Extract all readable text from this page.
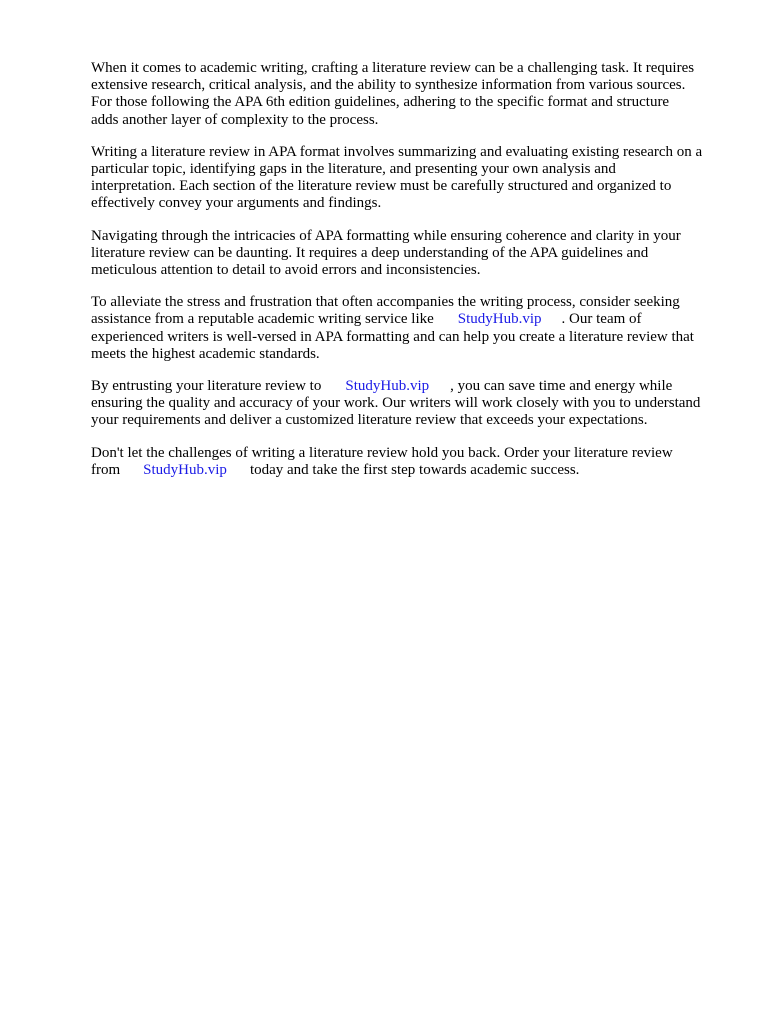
When it comes to academic writing, crafting a literature review can be a challenging task. It requires
extensive research, critical analysis, and the ability to synthesize information from various sources.
For those following the APA 6th edition guidelines, adhering to the specific format and structure
adds another layer of complexity to the process.

Writing a literature review in APA format involves summarizing and evaluating existing research on a
particular topic, identifying gaps in the literature, and presenting your own analysis and
interpretation. Each section of the literature review must be carefully structured and organized to
effectively convey your arguments and findings.

Navigating through the intricacies of APA formatting while ensuring coherence and clarity in your
literature review can be daunting. It requires a deep understanding of the APA guidelines and
meticulous attention to detail to avoid errors and inconsistencies.

To alleviate the stress and frustration that often accompanies the writing process, consider seeking
assistance from a reputable academic writing service like StudyHub.vip . Our team of
experienced writers is well-versed in APA formatting and can help you create a literature review that
meets the highest academic standards.

By entrusting your literature review to StudyHub.vip , you can save time and energy while
ensuring the quality and accuracy of your work. Our writers will work closely with you to understand
your requirements and deliver a customized literature review that exceeds your expectations.

Don't let the challenges of writing a literature review hold you back. Order your literature review
from StudyHub.vip today and take the first step towards academic success.
